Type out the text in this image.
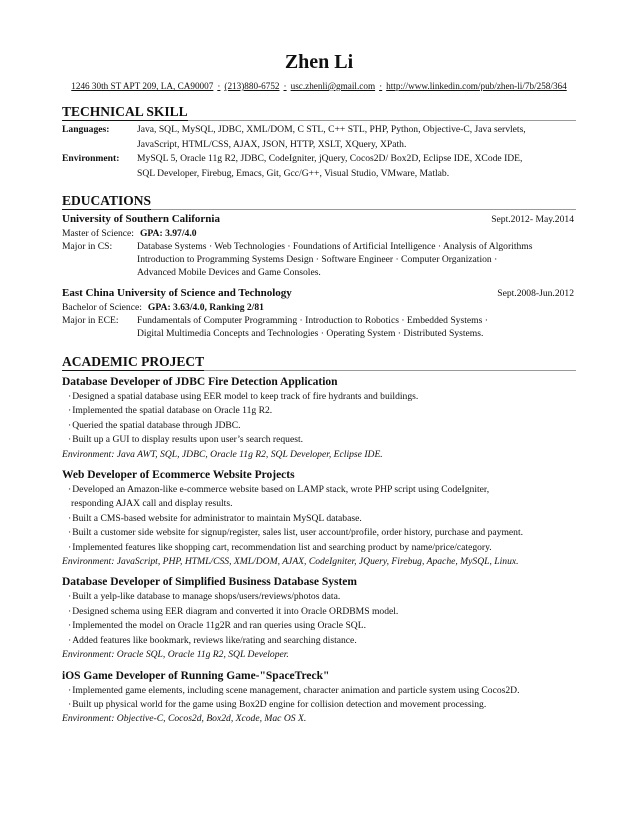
Zhen Li
1246 30th ST APT 209, LA, CA90007 · (213)880-6752 · usc.zhenli@gmail.com · http://www.linkedin.com/pub/zhen-li/7b/258/364
TECHNICAL SKILL
Languages:	Java, SQL, MySQL, JDBC, XML/DOM, C STL, C++ STL, PHP, Python, Objective-C, Java servlets,
JavaScript, HTML/CSS, AJAX, JSON, HTTP, XSLT, XQuery, XPath.
Environment:	MySQL 5, Oracle 11g R2, JDBC, CodeIgniter, jQuery, Cocos2D/ Box2D, Eclipse IDE, XCode IDE,
SQL Developer, Firebug, Emacs, Git, Gcc/G++, Visual Studio, VMware, Matlab.
EDUCATIONS
University of Southern California	Sept.2012- May.2014
Master of Science: GPA: 3.97/4.0
Major in CS:	Database Systems · Web Technologies · Foundations of Artificial Intelligence · Analysis of Algorithms
Introduction to Programming Systems Design · Software Engineer · Computer Organization ·
Advanced Mobile Devices and Game Consoles.
East China University of Science and Technology	Sept.2008-Jun.2012
Bachelor of Science: GPA: 3.63/4.0, Ranking 2/81
Major in ECE:	Fundamentals of Computer Programming · Introduction to Robotics · Embedded Systems ·
Digital Multimedia Concepts and Technologies · Operating System · Distributed Systems.
ACADEMIC PROJECT
Database Developer of JDBC Fire Detection Application
·Designed a spatial database using EER model to keep track of fire hydrants and buildings.
·Implemented the spatial database on Oracle 11g R2.
·Queried the spatial database through JDBC.
·Built up a GUI to display results upon user’s search request.
Environment: Java AWT, SQL, JDBC, Oracle 11g R2, SQL Developer, Eclipse IDE.
Web Developer of Ecommerce Website Projects
·Developed an Amazon-like e-commerce website based on LAMP stack, wrote PHP script using CodeIgniter,
responding AJAX call and display results.
·Built a CMS-based website for administrator to maintain MySQL database.
·Built a customer side website for signup/register, sales list, user account/profile, order history, purchase and payment.
·Implemented features like shopping cart, recommendation list and searching product by name/price/category.
Environment: JavaScript, PHP, HTML/CSS, XML/DOM, AJAX, CodeIgniter, JQuery, Firebug, Apache, MySQL, Linux.
Database Developer of Simplified Business Database System
·Built a yelp-like database to manage shops/users/reviews/photos data.
·Designed schema using EER diagram and converted it into Oracle ORDBMS model.
·Implemented the model on Oracle 11g2R and ran queries using Oracle SQL.
·Added features like bookmark, reviews like/rating and searching distance.
Environment: Oracle SQL, Oracle 11g R2, SQL Developer.
iOS Game Developer of Running Game-"SpaceTreck"
·Implemented game elements, including scene management, character animation and particle system using Cocos2D.
·Built up physical world for the game using Box2D engine for collision detection and movement processing.
Environment: Objective-C, Cocos2d, Box2d, Xcode, Mac OS X.
